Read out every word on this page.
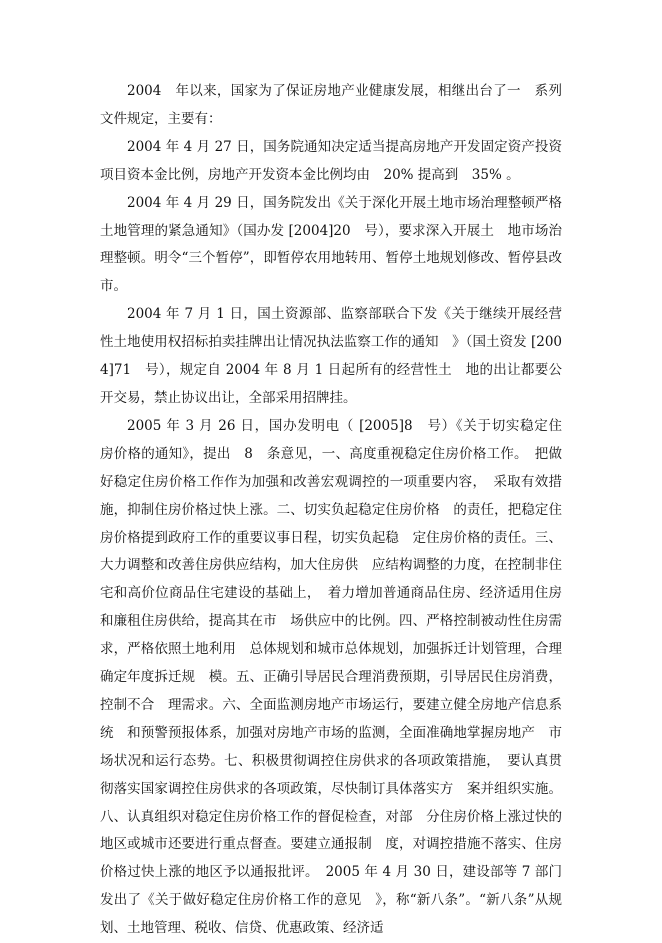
2004　年以来，国家为了保证房地产业健康发展，相继出台了一　系列文件规定，主要有：

2004 年 4 月 27 日，国务院通知决定适当提高房地产开发固定资产投资项目资本金比例，房地产开发资本金比例均由　20% 提高到　35% 。

2004 年 4 月 29 日，国务院发出《关于深化开展土地市场治理整顿严格土地管理的紧急通知》（国办发 [2004]20　号），要求深入开展土　地市场治理整顿。明令“三个暂停”，即暂停农用地转用、暂停土地规划修改、暂停县改市。

2004 年 7 月 1 日，国土资源部、监察部联合下发《关于继续开展经营性土地使用权招标拍卖挂牌出让情况执法监察工作的通知　》（国土资发 [2004]71　号），规定自 2004 年 8 月 1 日起所有的经营性土　地的出让都要公开交易，禁止协议出让，全部采用招牌挂。

2005 年 3 月 26 日，国办发明电（ [2005]8　号）《关于切实稳定住　房价格的通知》，提出　8　条意见，一、高度重视稳定住房价格工作。　把做好稳定住房价格工作作为加强和改善宏观调控的一项重要内容，　采取有效措施，抑制住房价格过快上涨。二、切实负起稳定住房价格　的责任，把稳定住房价格提到政府工作的重要议事日程，切实负起稳　定住房价格的责任。三、大力调整和改善住房供应结构，加大住房供　应结构调整的力度，在控制非住宅和高价位商品住宅建设的基础上，　着力增加普通商品住房、经济适用住房和廉租住房供给，提高其在市　场供应中的比例。四、严格控制被动性住房需求，严格依照土地利用　总体规划和城市总体规划，加强拆迁计划管理，合理确定年度拆迁规　模。五、正确引导居民合理消费预期，引导居民住房消费，控制不合　理需求。六、全面监测房地产市场运行，要建立健全房地产信息系统　和预警预报体系，加强对房地产市场的监测，全面准确地掌握房地产　市场状况和运行态势。七、积极贯彻调控住房供求的各项政策措施，　要认真贯彻落实国家调控住房供求的各项政策，尽快制订具体落实方　案并组织实施。八、认真组织对稳定住房价格工作的督促检查，对部　分住房价格上涨过快的地区或城市还要进行重点督查。要建立通报制　度，对调控措施不落实、住房价格过快上涨的地区予以通报批评。　2005 年 4 月 30 日，建设部等 7 部门发出了《关于做好稳定住房价格工作的意见　》，称“新八条”。“新八条”从规划、土地管理、税收、信贷、优惠政策、经济适
